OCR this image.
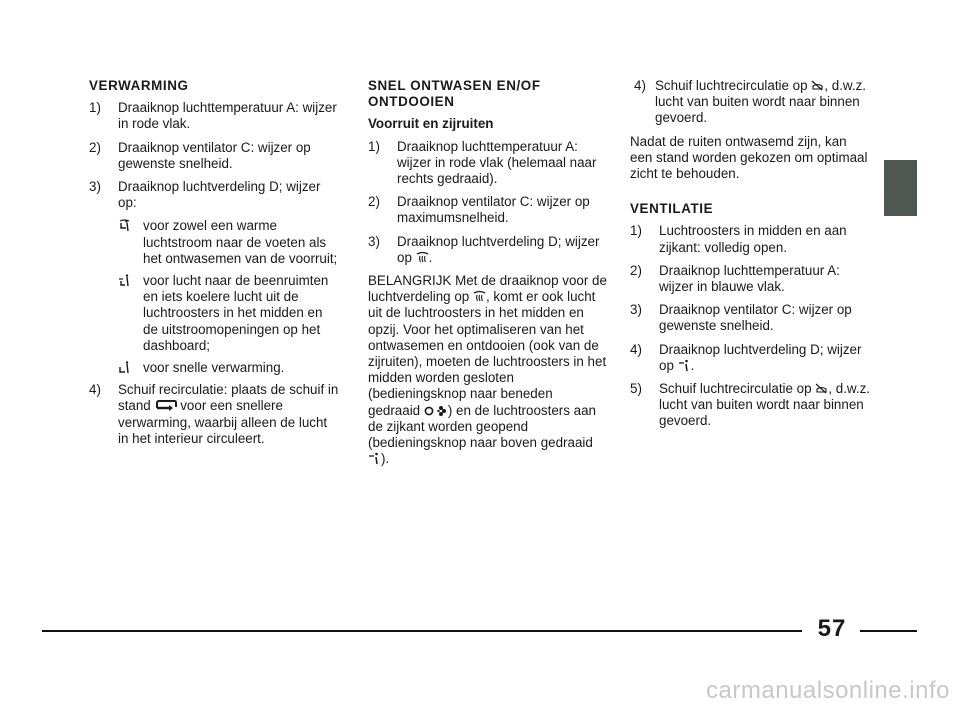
VERWARMING
1) Draaiknop luchttemperatuur A: wijzer in rode vlak.
2) Draaiknop ventilator C: wijzer op gewenste snelheid.
3) Draaiknop luchtverdeling D; wijzer op:
voor zowel een warme luchtstroom naar de voeten als het ontwasemen van de voorruit;
voor lucht naar de beenruimten en iets koelere lucht uit de luchtroosters in het midden en de uitstroomopeningen op het dashboard;
voor snelle verwarming.
4) Schuif recirculatie: plaats de schuif in stand voor een snellere verwarming, waarbij alleen de lucht in het interieur circuleert.
SNEL ONTWASEN EN/OF
ONTDOOIEN
Voorruit en zijruiten
1) Draaiknop luchttemperatuur A: wijzer in rode vlak (helemaal naar rechts gedraaid).
2) Draaiknop ventilator C: wijzer op maximumsnelheid.
3) Draaiknop luchtverdeling D; wijzer op .
BELANGRIJK Met de draaiknop voor de luchtverdeling op , komt er ook lucht uit de luchtroosters in het midden en opzij. Voor het optimaliseren van het ontwasemen en ontdooien (ook van de zijruiten), moeten de luchtroosters in het midden worden gesloten (bedieningsknop naar beneden gedraaid ) en de luchtroosters aan de zijkant worden geopend (bedieningsknop naar boven gedraaid
).
4) Schuif luchtrecirculatie op , d.w.z. lucht van buiten wordt naar binnen gevoerd.
Nadat de ruiten ontwasemd zijn, kan een stand worden gekozen om optimaal zicht te behouden.
VENTILATIE
1) Luchtroosters in midden en aan zijkant: volledig open.
2) Draaiknop luchttemperatuur A: wijzer in blauwe vlak.
3) Draaiknop ventilator C: wijzer op gewenste snelheid.
4) Draaiknop luchtverdeling D; wijzer op .
5) Schuif luchtrecirculatie op , d.w.z. lucht van buiten wordt naar binnen gevoerd.
57
carmanualsonline.info
